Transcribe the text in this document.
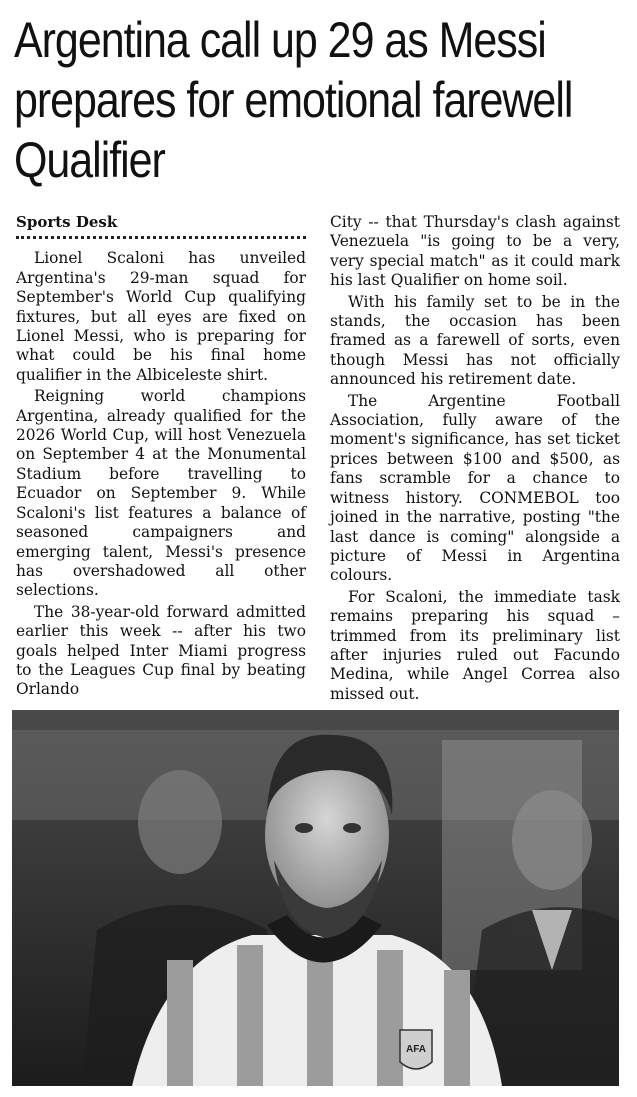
Argentina call up 29 as Messi prepares for emotional farewell Qualifier
Sports Desk

Lionel Scaloni has unveiled Argentina's 29-man squad for September's World Cup qualifying fixtures, but all eyes are fixed on Lionel Messi, who is preparing for what could be his final home qualifier in the Albiceleste shirt.

Reigning world champions Argentina, already qualified for the 2026 World Cup, will host Venezuela on September 4 at the Monumental Stadium before travelling to Ecuador on September 9. While Scaloni's list features a balance of seasoned campaigners and emerging talent, Messi's presence has overshadowed all other selections.

The 38-year-old forward admitted earlier this week -- after his two goals helped Inter Miami progress to the Leagues Cup final by beating Orlando

City -- that Thursday's clash against Venezuela "is going to be a very, very special match" as it could mark his last Qualifier on home soil.

With his family set to be in the stands, the occasion has been framed as a farewell of sorts, even though Messi has not officially announced his retirement date.

The Argentine Football Association, fully aware of the moment's significance, has set ticket prices between $100 and $500, as fans scramble for a chance to witness history. CONMEBOL too joined in the narrative, posting "the last dance is coming" alongside a picture of Messi in Argentina colours.

For Scaloni, the immediate task remains preparing his squad – trimmed from its preliminary list after injuries ruled out Facundo Medina, while Angel Correa also missed out.

AFA
